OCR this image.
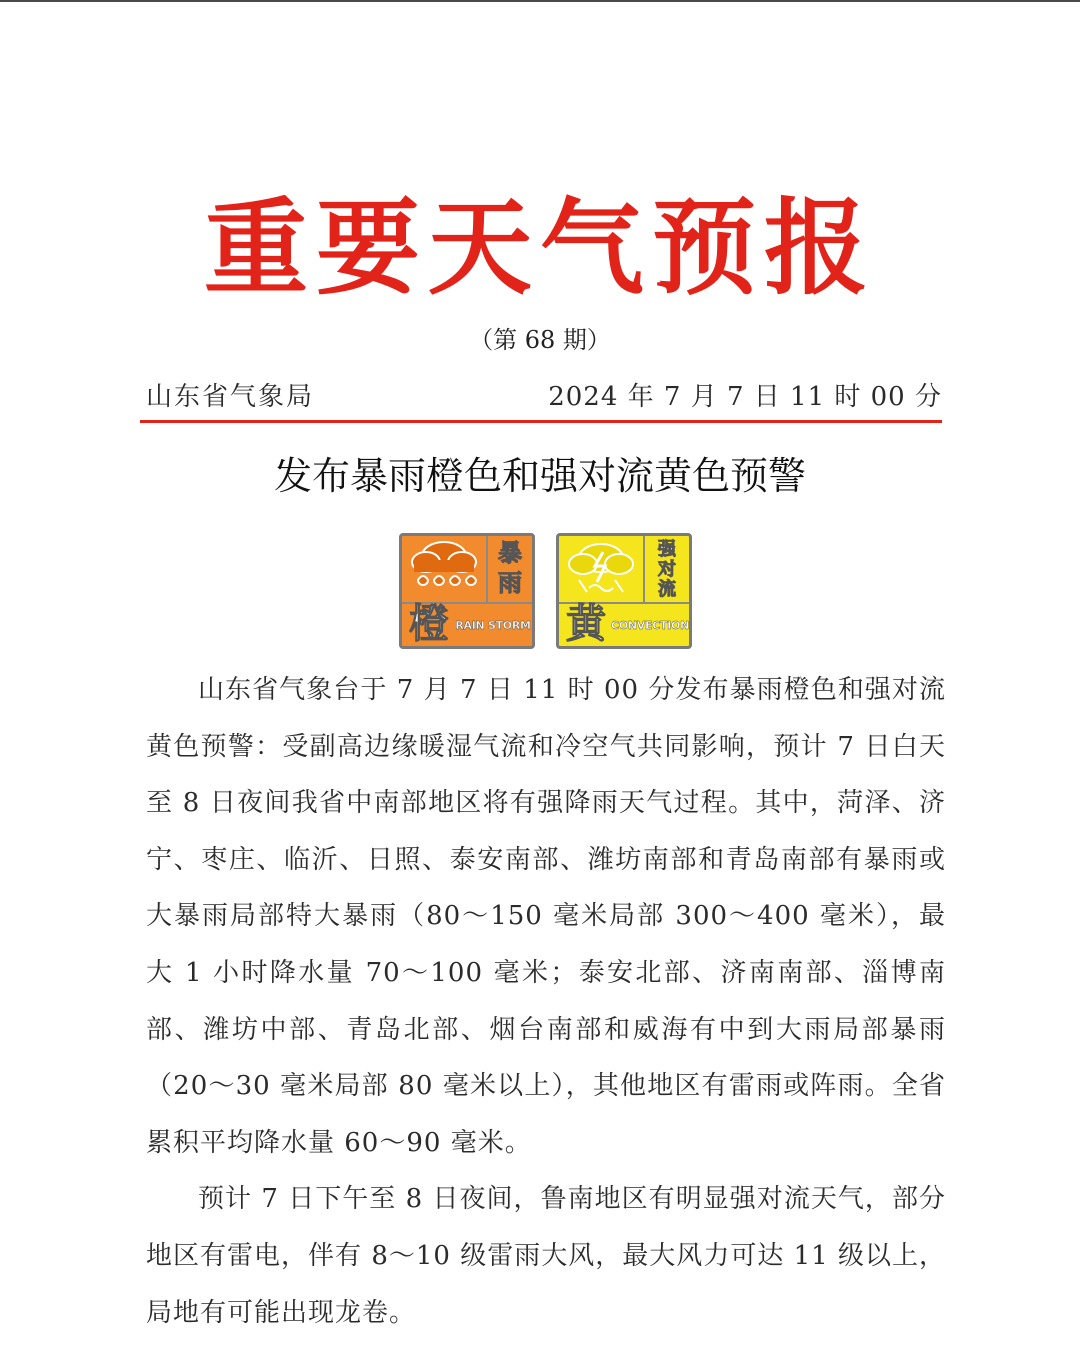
重要天气预报
（第 68 期）
山东省气象局	2024 年 7 月 7 日 11 时 00 分
发布暴雨橙色和强对流黄色预警
暴
雨
橙 RAIN STORM
强
对
流
黄 CONVECTION

山东省气象台于 7 月 7 日 11 时 00 分发布暴雨橙色和强对流黄色预警：受副高边缘暖湿气流和冷空气共同影响，预计 7 日白天至 8 日夜间我省中南部地区将有强降雨天气过程。其中，菏泽、济宁、枣庄、临沂、日照、泰安南部、潍坊南部和青岛南部有暴雨或大暴雨局部特大暴雨（80～150 毫米局部 300～400 毫米），最大 1 小时降水量 70～100 毫米；泰安北部、济南南部、淄博南部、潍坊中部、青岛北部、烟台南部和威海有中到大雨局部暴雨（20～30 毫米局部 80 毫米以上），其他地区有雷雨或阵雨。全省累积平均降水量 60～90 毫米。

预计 7 日下午至 8 日夜间，鲁南地区有明显强对流天气，部分地区有雷电，伴有 8～10 级雷雨大风，最大风力可达 11 级以上，局地有可能出现龙卷。
